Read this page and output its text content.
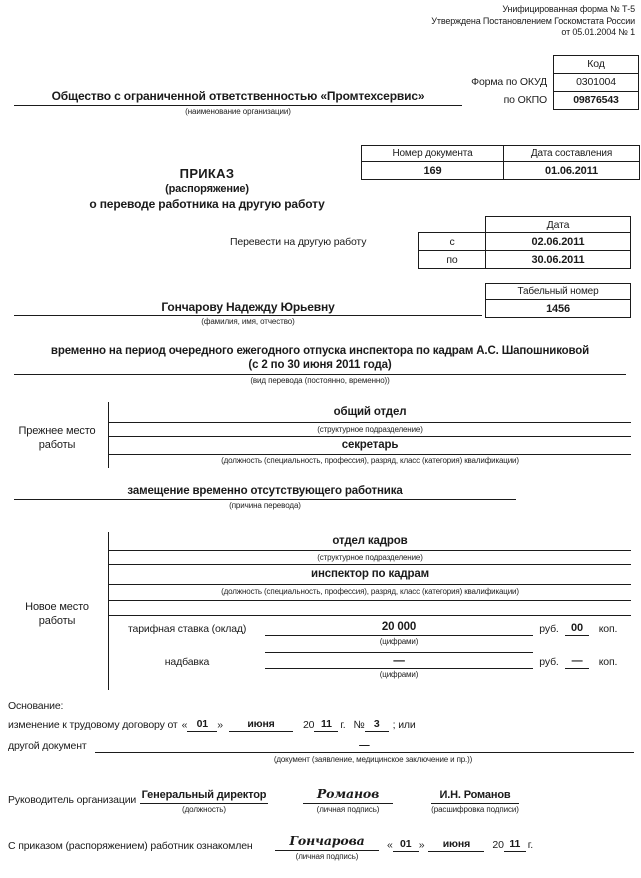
Унифицированная форма № Т-5
Утверждена Постановлением Госкомстата России
от 05.01.2004 № 1
Код
Форма по ОКУД	0301004
по ОКПО	09876543
Общество с ограниченной ответственностью «Промтехсервис»
(наименование организации)
Номер документа	Дата составления
169	01.06.2011
ПРИКАЗ
(распоряжение)
о переводе работника на другую работу
Перевести на другую работу
	Дата
с	02.06.2011
по	30.06.2011
Табельный номер
1456
Гончарову Надежду Юрьевну
(фамилия, имя, отчество)
временно на период очередного ежегодного отпуска инспектора по кадрам А.С. Шапошниковой
(с 2 по 30 июня 2011 года)
(вид перевода (постоянно, временно))
Прежнее место работы
общий отдел
(структурное подразделение)
секретарь
(должность (специальность, профессия), разряд, класс (категория) квалификации)
замещение временно отсутствующего работника
(причина перевода)
Новое место работы
отдел кадров
(структурное подразделение)
инспектор по кадрам
(должность (специальность, профессия), разряд, класс (категория) квалификации)
тарифная ставка (оклад)	20 000	руб.	00	коп.
(цифрами)
надбавка	—	руб.	—	коп.
(цифрами)
Основание:
изменение к трудовому договору от « 01 »	июня	20 11 г. № 3	; или
другой документ	—
(документ (заявление, медицинское заключение и пр.))
Руководитель организации Генеральный директор
(должность)
Романов
(личная подпись)
И.Н. Романов
(расшифровка подписи)
С приказом (распоряжением) работник ознакомлен	Гончарова
(личная подпись)
« 01 »	июня	20 11 г.
